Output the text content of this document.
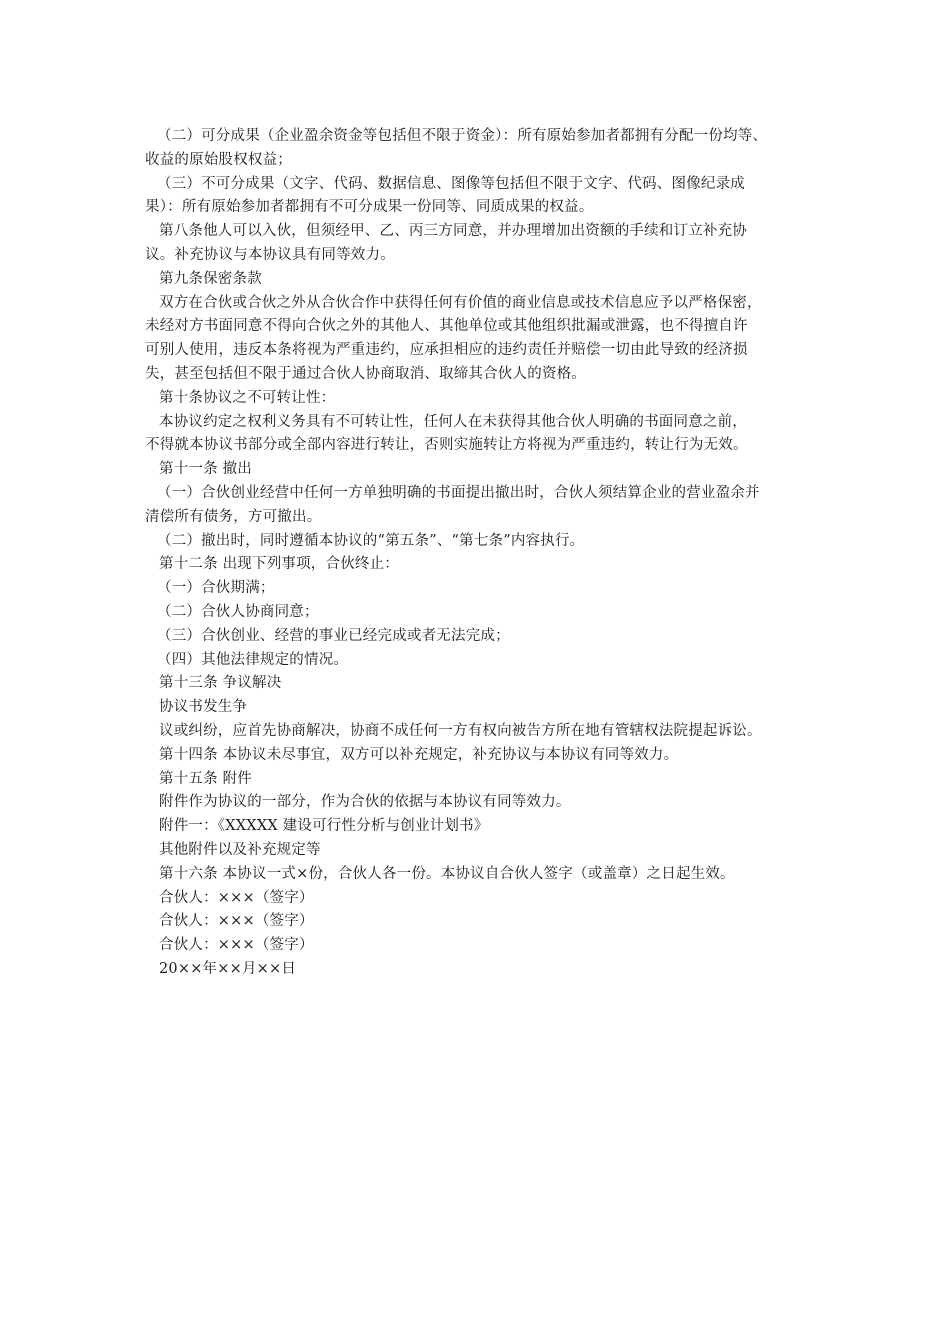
（二）可分成果（企业盈余资金等包括但不限于资金）：所有原始参加者都拥有分配一份均等、
收益的原始股权权益；
（三）不可分成果（文字、代码、数据信息、图像等包括但不限于文字、代码、图像纪录成
果）：所有原始参加者都拥有不可分成果一份同等、同质成果的权益。
第八条他人可以入伙，但须经甲、乙、丙三方同意，并办理增加出资额的手续和订立补充协
议。补充协议与本协议具有同等效力。
第九条保密条款
双方在合伙或合伙之外从合伙合作中获得任何有价值的商业信息或技术信息应予以严格保密，
未经对方书面同意不得向合伙之外的其他人、其他单位或其他组织批漏或泄露，也不得擅自许
可别人使用，违反本条将视为严重违约，应承担相应的违约责任并赔偿一切由此导致的经济损
失，甚至包括但不限于通过合伙人协商取消、取缔其合伙人的资格。
第十条协议之不可转让性：
本协议约定之权利义务具有不可转让性，任何人在未获得其他合伙人明确的书面同意之前，
不得就本协议书部分或全部内容进行转让，否则实施转让方将视为严重违约，转让行为无效。
第十一条 撤出
（一）合伙创业经营中任何一方单独明确的书面提出撤出时，合伙人须结算企业的营业盈余并
清偿所有债务，方可撤出。
（二）撤出时，同时遵循本协议的“第五条”、“第七条”内容执行。
第十二条 出现下列事项，合伙终止：
（一）合伙期满；
（二）合伙人协商同意；
（三）合伙创业、经营的事业已经完成或者无法完成；
（四）其他法律规定的情况。
第十三条 争议解决
协议书发生争
议或纠纷，应首先协商解决，协商不成任何一方有权向被告方所在地有管辖权法院提起诉讼。
第十四条 本协议未尽事宜，双方可以补充规定，补充协议与本协议有同等效力。
第十五条 附件
附件作为协议的一部分，作为合伙的依据与本协议有同等效力。
附件一：《XXXXX 建设可行性分析与创业计划书》
其他附件以及补充规定等
第十六条 本协议一式×份，合伙人各一份。本协议自合伙人签字（或盖章）之日起生效。
合伙人：×××（签字）
合伙人：×××（签字）
合伙人：×××（签字）
20××年××月××日
